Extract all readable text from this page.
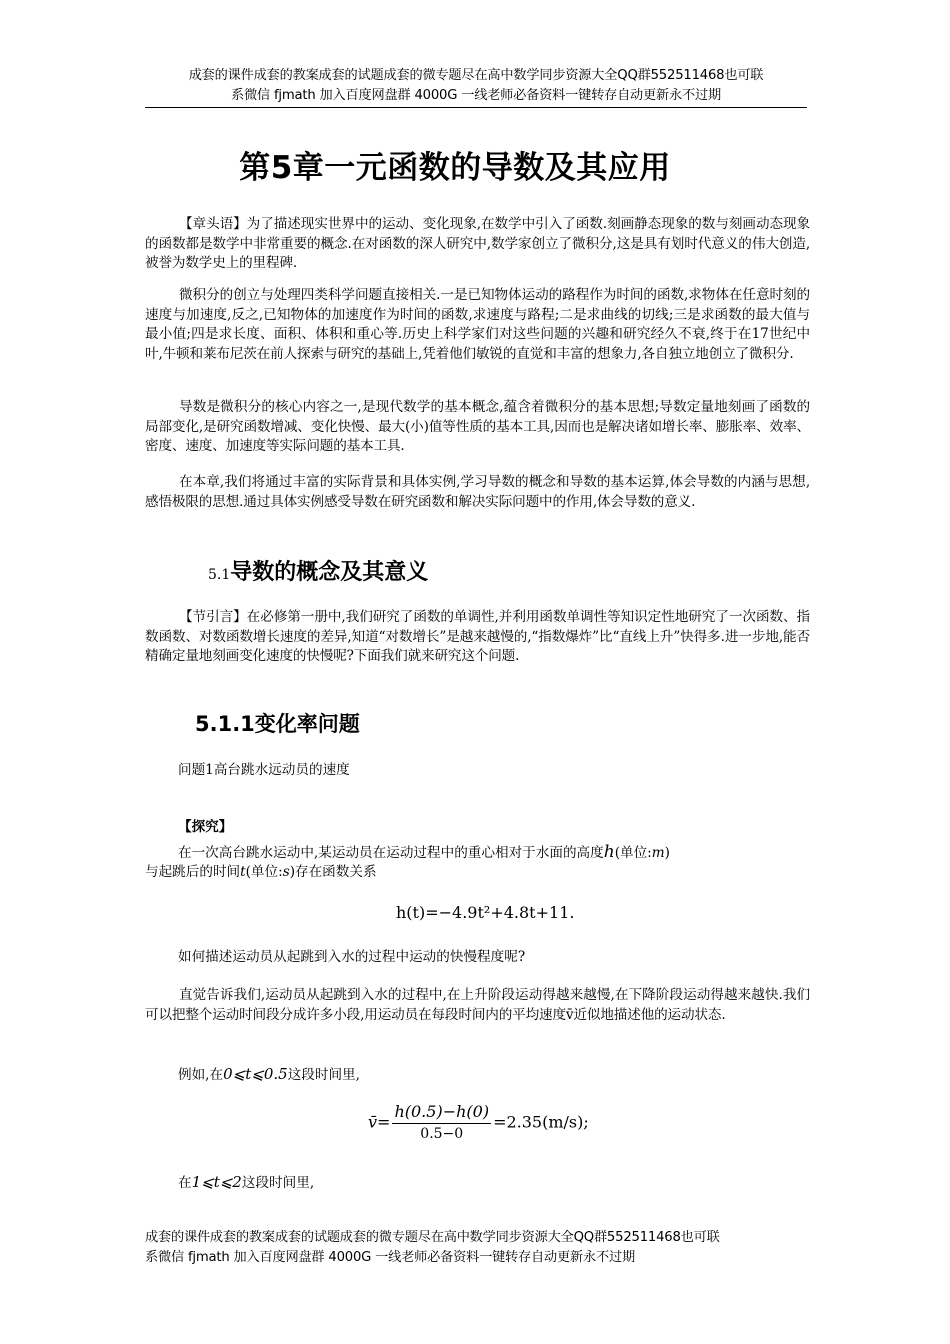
成套的课件成套的教案成套的试题成套的微专题尽在高中数学同步资源大全QQ群552511468也可联
系微信 fjmath 加入百度网盘群 4000G 一线老师必备资料一键转存自动更新永不过期
第5章一元函数的导数及其应用
【章头语】为了描述现实世界中的运动、变化现象,在数学中引入了函数.刻画静态现象的数与刻画动态现象的函数都是数学中非常重要的概念.在对函数的深人研究中,数学家创立了微积分,这是具有划时代意义的伟大创造,被誉为数学史上的里程碑.
微积分的创立与处理四类科学问题直接相关.一是已知物体运动的路程作为时间的函数,求物体在任意时刻的速度与加速度,反之,已知物体的加速度作为时间的函数,求速度与路程;二是求曲线的切线;三是求函数的最大值与最小值;四是求长度、面积、体积和重心等.历史上科学家们对这些问题的兴趣和研究经久不衰,终于在17世纪中叶,牛顿和莱布尼茨在前人探索与研究的基础上,凭着他们敏锐的直觉和丰富的想象力,各自独立地创立了微积分.
导数是微积分的核心内容之一,是现代数学的基本概念,蕴含着微积分的基本思想;导数定量地刻画了函数的局部变化,是研究函数增减、变化快慢、最大(小)值等性质的基本工具,因而也是解决诸如增长率、膨胀率、效率、密度、速度、加速度等实际问题的基本工具.
在本章,我们将通过丰富的实际背景和具体实例,学习导数的概念和导数的基本运算,体会导数的内涵与思想,感悟极限的思想.通过具体实例感受导数在研究函数和解决实际问题中的作用,体会导数的意义.
5.1导数的概念及其意义
【节引言】在必修第一册中,我们研究了函数的单调性,并利用函数单调性等知识定性地研究了一次函数、指数函数、对数函数增长速度的差异,知道“对数增长”是越来越慢的,“指数爆炸”比“直线上升”快得多.进一步地,能否精确定量地刻画变化速度的快慢呢?下面我们就来研究这个问题.
5.1.1变化率问题
问题1高台跳水远动员的速度
【探究】
在一次高台跳水运动中,某运动员在运动过程中的重心相对于水面的高度h(单位:m)
与起跳后的时间t(单位:s)存在函数关系
h(t)=−4.9t²+4.8t+11.
如何描述运动员从起跳到入水的过程中运动的快慢程度呢?
直觉告诉我们,运动员从起跳到入水的过程中,在上升阶段运动得越来越慢,在下降阶段运动得越来越快.我们可以把整个运动时间段分成许多小段,用运动员在每段时间内的平均速度v̄近似地描述他的运动状态.
例如,在0⩽t⩽0.5这段时间里,
v̄= $\frac{h(0.5)-h(0)}{0.5-0} =2.35(m/s)$;
在1⩽t⩽2这段时间里,
成套的课件成套的教案成套的试题成套的微专题尽在高中数学同步资源大全QQ群552511468也可联
系微信 fjmath 加入百度网盘群 4000G 一线老师必备资料一键转存自动更新永不过期
